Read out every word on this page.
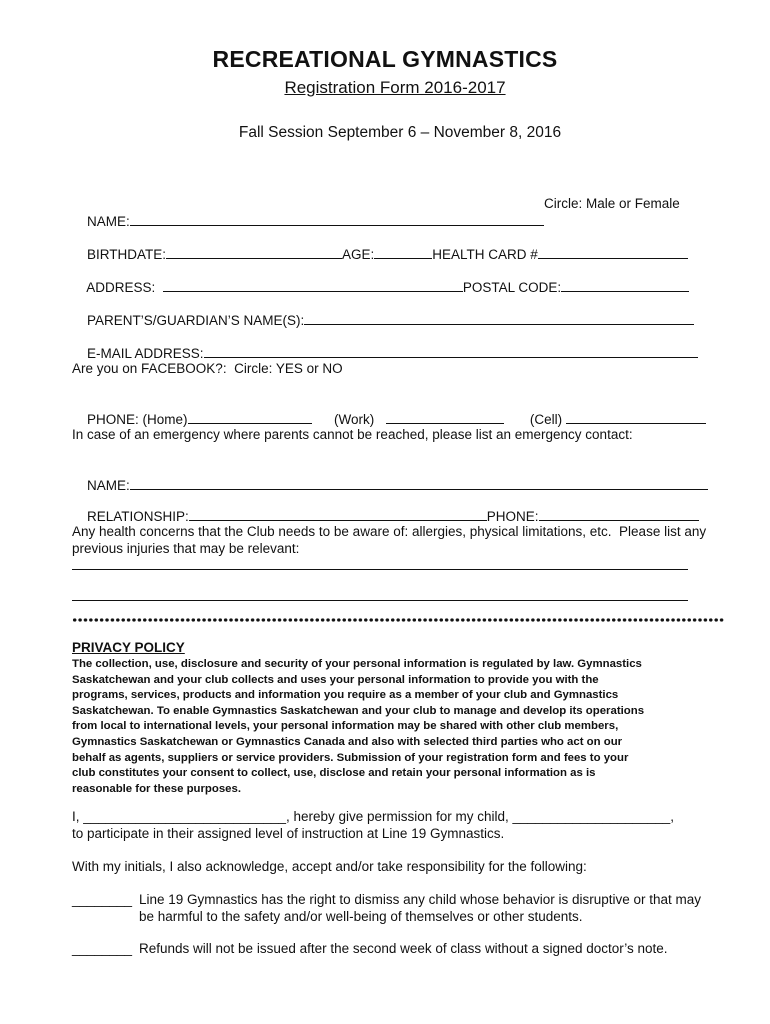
RECREATIONAL GYMNASTICS
Registration Form 2016-2017
Fall Session September 6 – November 8, 2016

NAME:

Circle: Male or Female

BIRTHDATE:	AGE:	HEALTH CARD #

ADDRESS:	POSTAL CODE:

PARENT’S/GUARDIAN’S NAME(S):

E-MAIL ADDRESS:

Are you on FACEBOOK?:  Circle: YES or NO

PHONE: (Home)	(Work)	(Cell)

In case of an emergency where parents cannot be reached, please list an emergency contact:

NAME:

RELATIONSHIP:	PHONE:

Any health concerns that the Club needs to be aware of: allergies, physical limitations, etc.  Please list any
previous injuries that may be relevant:
PRIVACY POLICY
The collection, use, disclosure and security of your personal information is regulated by law. Gymnastics
Saskatchewan and your club collects and uses your personal information to provide you with the
programs, services, products and information you require as a member of your club and Gymnastics
Saskatchewan. To enable Gymnastics Saskatchewan and your club to manage and develop its operations
from local to international levels, your personal information may be shared with other club members,
Gymnastics Saskatchewan or Gymnastics Canada and also with selected third parties who act on our
behalf as agents, suppliers or service providers. Submission of your registration form and fees to your
club constitutes your consent to collect, use, disclose and retain your personal information as is
reasonable for these purposes.
I, ___________________________, hereby give permission for my child, _____________________,
to participate in their assigned level of instruction at Line 19 Gymnastics.
With my initials, I also acknowledge, accept and/or take responsibility for the following:
________ Line 19 Gymnastics has the right to dismiss any child whose behavior is disruptive or that may
be harmful to the safety and/or well-being of themselves or other students.
________ Refunds will not be issued after the second week of class without a signed doctor’s note.
